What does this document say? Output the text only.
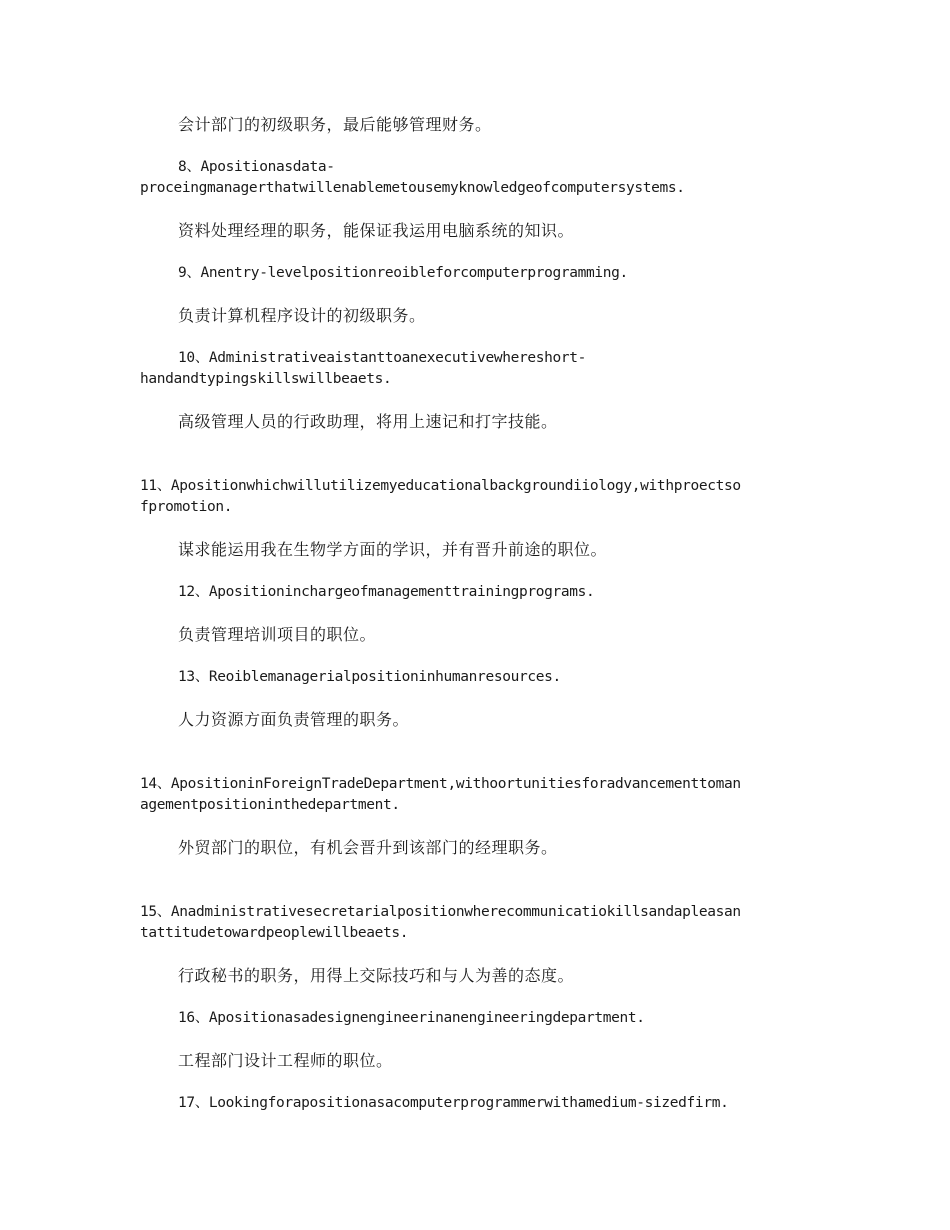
会计部门的初级职务，最后能够管理财务。
8、Apositionasdata-
proceingmanagerthatwillenablemetousemyknowledgeofcomputersystems.
资料处理经理的职务，能保证我运用电脑系统的知识。
9、Anentry-levelpositionreoibleforcomputerprogramming.
负责计算机程序设计的初级职务。
10、Administrativeaistanttoanexecutivewhereshort-
handandtypingskillswillbeaets.
高级管理人员的行政助理，将用上速记和打字技能。
11、Apositionwhichwillutilizemyeducationalbackgroundiiology,withproectso
fpromotion.
谋求能运用我在生物学方面的学识，并有晋升前途的职位。
12、Apositioninchargeofmanagementtrainingprograms.
负责管理培训项目的职位。
13、Reoiblemanagerialpositioninhumanresources.
人力资源方面负责管理的职务。
14、ApositioninForeignTradeDepartment,withoortunitiesforadvancementtoman
agementpositioninthedepartment.
外贸部门的职位，有机会晋升到该部门的经理职务。
15、Anadministrativesecretarialpositionwherecommunicatiokillsandapleasan
tattitudetowardpeoplewillbeaets.
行政秘书的职务，用得上交际技巧和与人为善的态度。
16、Apositionasadesignengineerinanengineeringdepartment.
工程部门设计工程师的职位。
17、Lookingforapositionasacomputerprogrammerwithamedium-sizedfirm.
